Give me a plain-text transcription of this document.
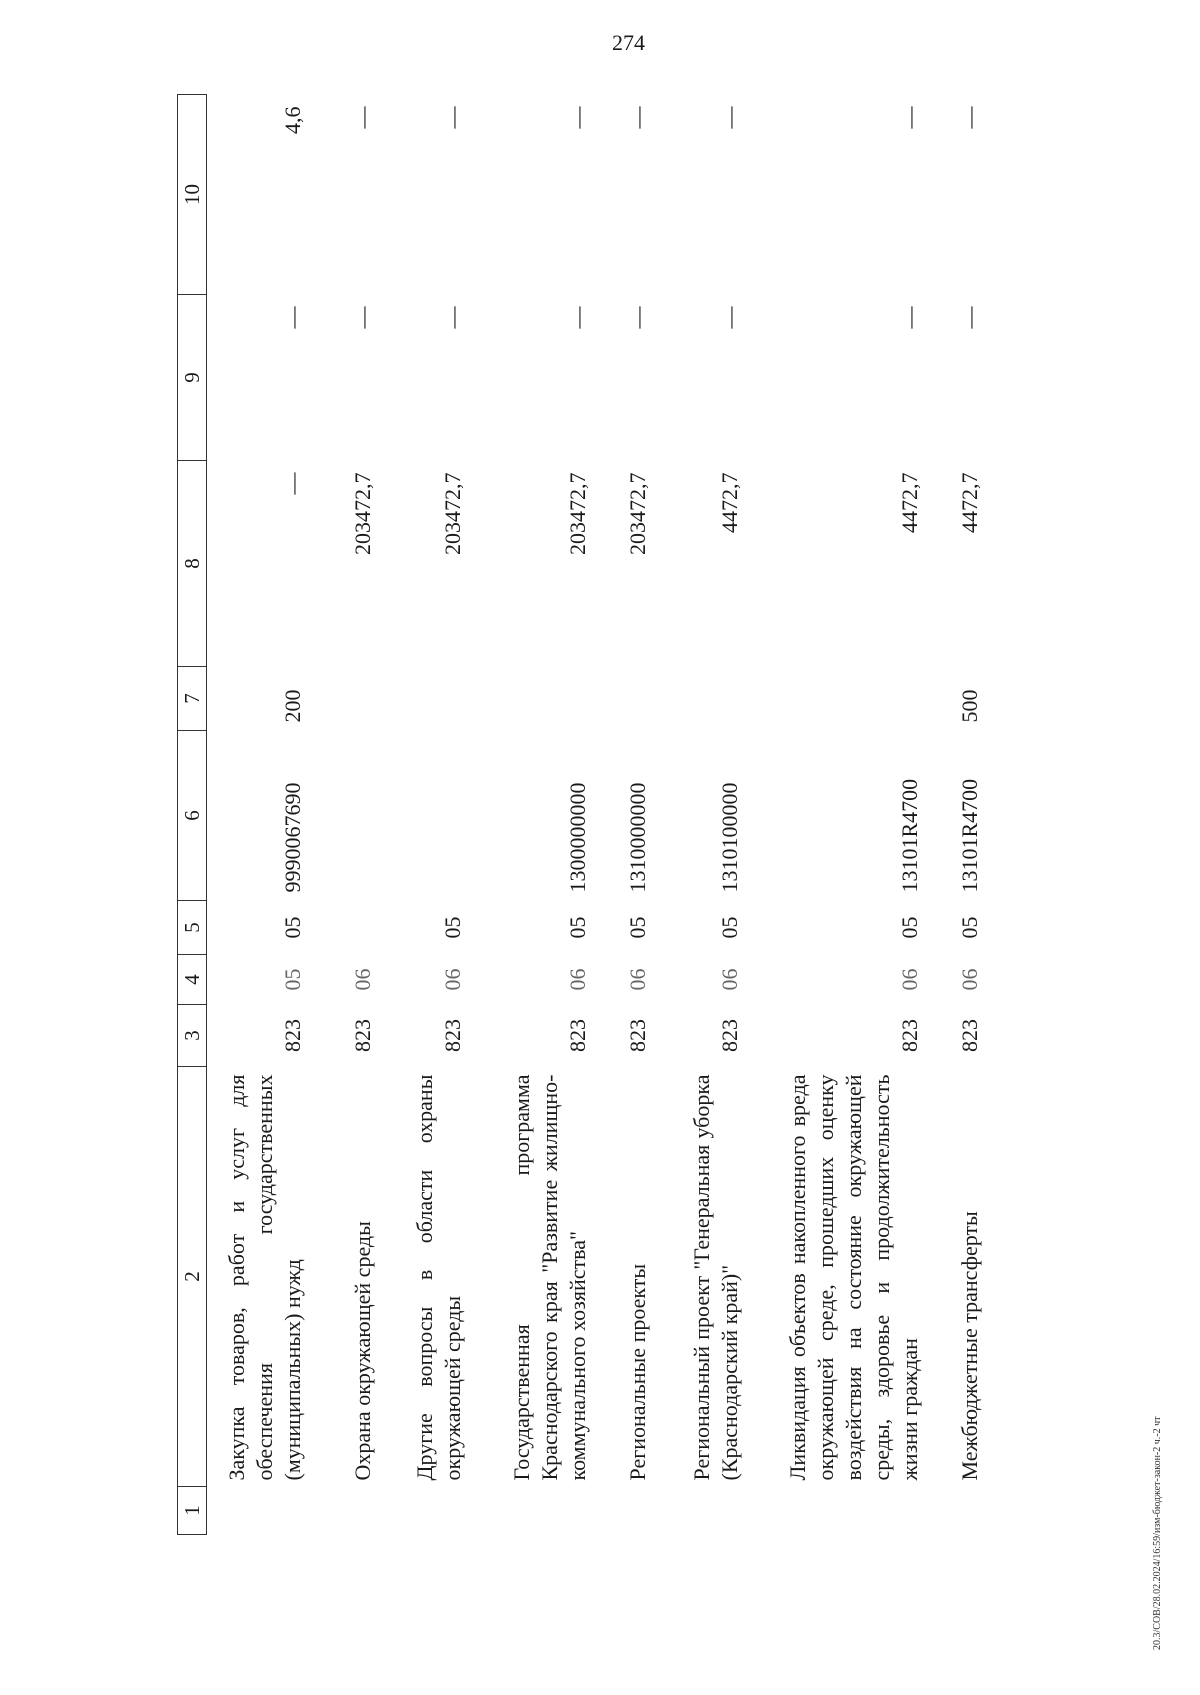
274
1	2	3	4	5	6	7	8	9	10
	Закупка товаров, работ и услуг для обеспечения государственных (муниципальных) нужд	823	05	05	9990067690	200	—	—	4,6
	Охрана окружающей среды	823	06				203472,7	—	—
	Другие вопросы в области охраны окружающей среды	823	06	05			203472,7	—	—
	Государственная программа Краснодарского края "Развитие жилищно-коммунального хозяйства"	823	06	05	1300000000		203472,7	—	—
	Региональные проекты	823	06	05	1310000000		203472,7	—	—
	Региональный проект "Генеральная уборка (Краснодарский край)"	823	06	05	1310100000		4472,7	—	—
	Ликвидация объектов накопленного вреда окружающей среде, прошедших оценку воздействия на состояние окружающей среды, здоровье и продолжительность жизни граждан	823	06	05	13101R4700		4472,7	—	—
	Межбюджетные трансферты	823	06	05	13101R4700	500	4472,7	—	—
20.3/СОВ/28.02.2024/16:59/изм-бюджет-закон-2 ч.-2 чт
